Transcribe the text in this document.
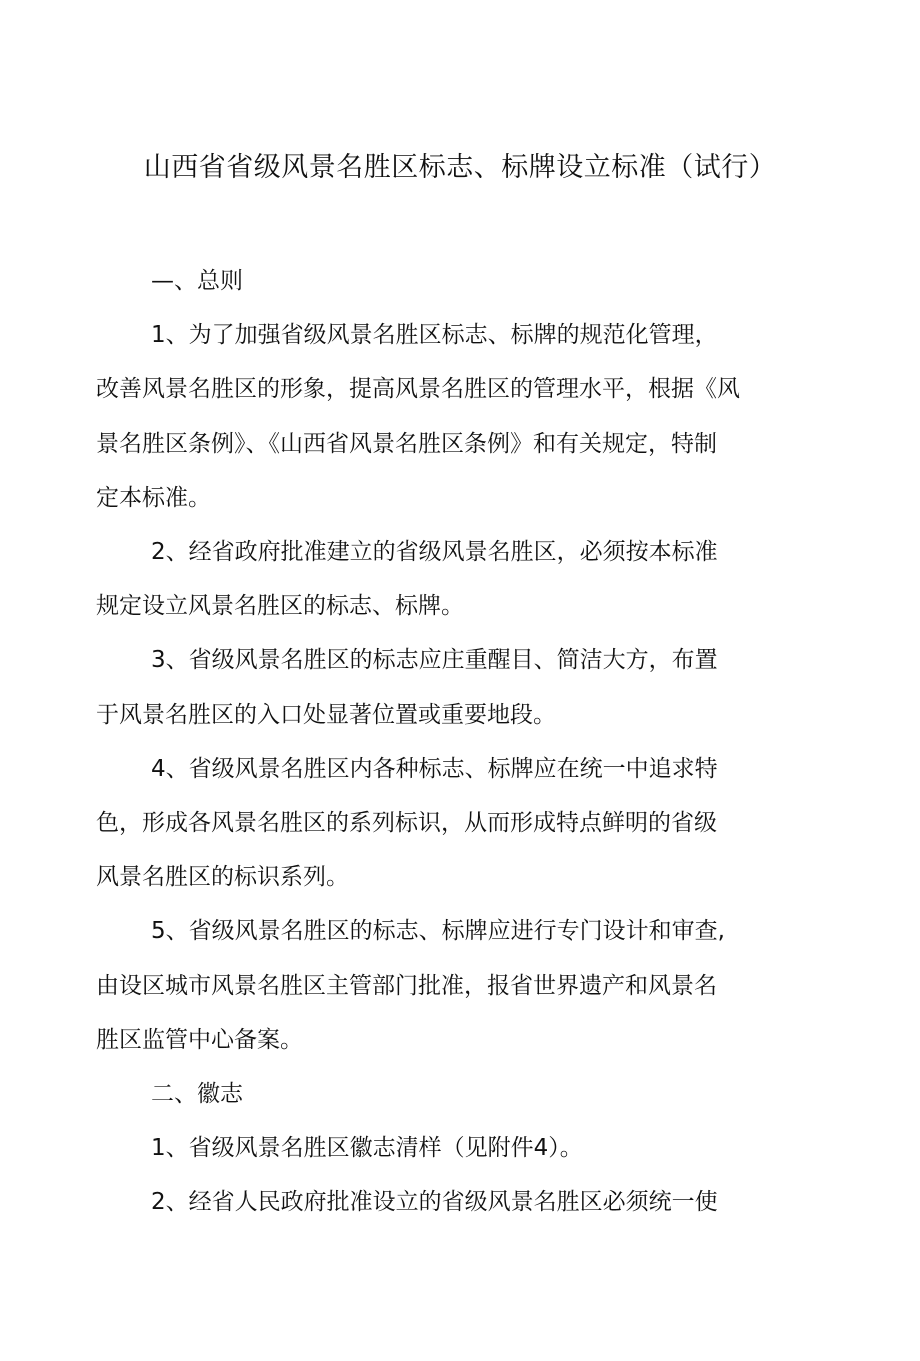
山西省省级风景名胜区标志、标牌设立标准（试行）

—、总则

1、为了加强省级风景名胜区标志、标牌的规范化管理，
改善风景名胜区的形象，提高风景名胜区的管理水平，根据《风
景名胜区条例》、《山西省风景名胜区条例》和有关规定，特制
定本标准。

2、经省政府批准建立的省级风景名胜区，必须按本标准
规定设立风景名胜区的标志、标牌。

3、省级风景名胜区的标志应庄重醒目、简洁大方，布置
于风景名胜区的入口处显著位置或重要地段。

4、省级风景名胜区内各种标志、标牌应在统一中追求特
色，形成各风景名胜区的系列标识，从而形成特点鲜明的省级
风景名胜区的标识系列。

5、省级风景名胜区的标志、标牌应进行专门设计和审查,
由设区城市风景名胜区主管部门批准，报省世界遗产和风景名
胜区监管中心备案。

二、徽志

1、省级风景名胜区徽志清样（见附件4）。

2、经省人民政府批准设立的省级风景名胜区必须统一使
